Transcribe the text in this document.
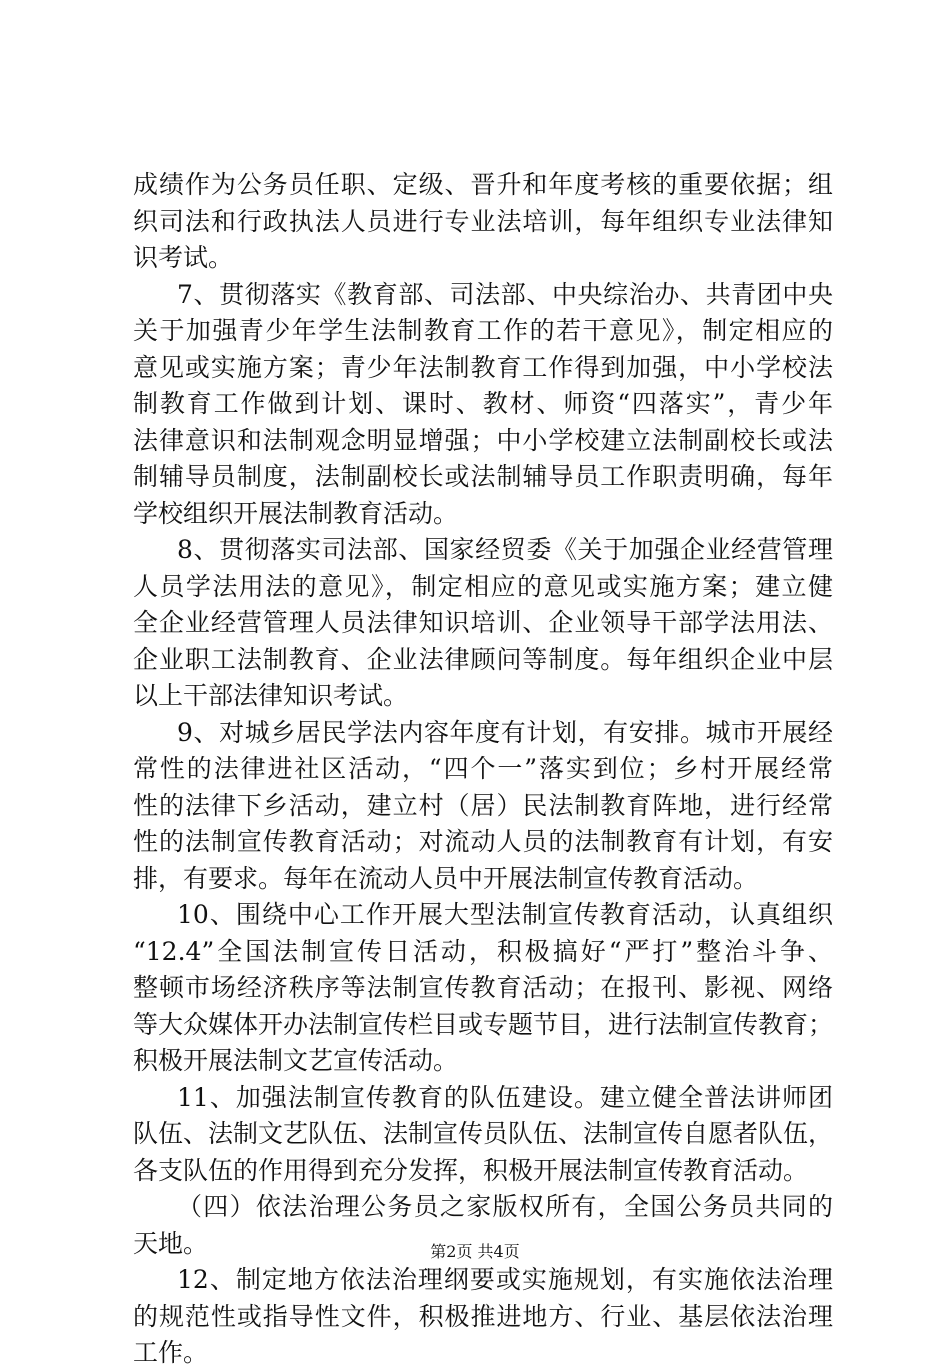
成绩作为公务员任职、定级、晋升和年度考核的重要依据；组
织司法和行政执法人员进行专业法培训，每年组织专业法律知
识考试。
7、贯彻落实《教育部、司法部、中央综治办、共青团中央
关于加强青少年学生法制教育工作的若干意见》，制定相应的
意见或实施方案；青少年法制教育工作得到加强，中小学校法
制教育工作做到计划、课时、教材、师资“四落实”，青少年
法律意识和法制观念明显增强；中小学校建立法制副校长或法
制辅导员制度，法制副校长或法制辅导员工作职责明确，每年
学校组织开展法制教育活动。
8、贯彻落实司法部、国家经贸委《关于加强企业经营管理
人员学法用法的意见》，制定相应的意见或实施方案；建立健
全企业经营管理人员法律知识培训、企业领导干部学法用法、
企业职工法制教育、企业法律顾问等制度。每年组织企业中层
以上干部法律知识考试。
9、对城乡居民学法内容年度有计划，有安排。城市开展经
常性的法律进社区活动，“四个一”落实到位；乡村开展经常
性的法律下乡活动，建立村（居）民法制教育阵地，进行经常
性的法制宣传教育活动；对流动人员的法制教育有计划，有安
排，有要求。每年在流动人员中开展法制宣传教育活动。
10、围绕中心工作开展大型法制宣传教育活动，认真组织
“12.4”全国法制宣传日活动，积极搞好“严打”整治斗争、
整顿市场经济秩序等法制宣传教育活动；在报刊、影视、网络
等大众媒体开办法制宣传栏目或专题节目，进行法制宣传教育；
积极开展法制文艺宣传活动。
11、加强法制宣传教育的队伍建设。建立健全普法讲师团
队伍、法制文艺队伍、法制宣传员队伍、法制宣传自愿者队伍，
各支队伍的作用得到充分发挥，积极开展法制宣传教育活动。
（四）依法治理公务员之家版权所有，全国公务员共同的
天地。
12、制定地方依法治理纲要或实施规划，有实施依法治理
的规范性或指导性文件，积极推进地方、行业、基层依法治理
工作。
第2页 共4页
